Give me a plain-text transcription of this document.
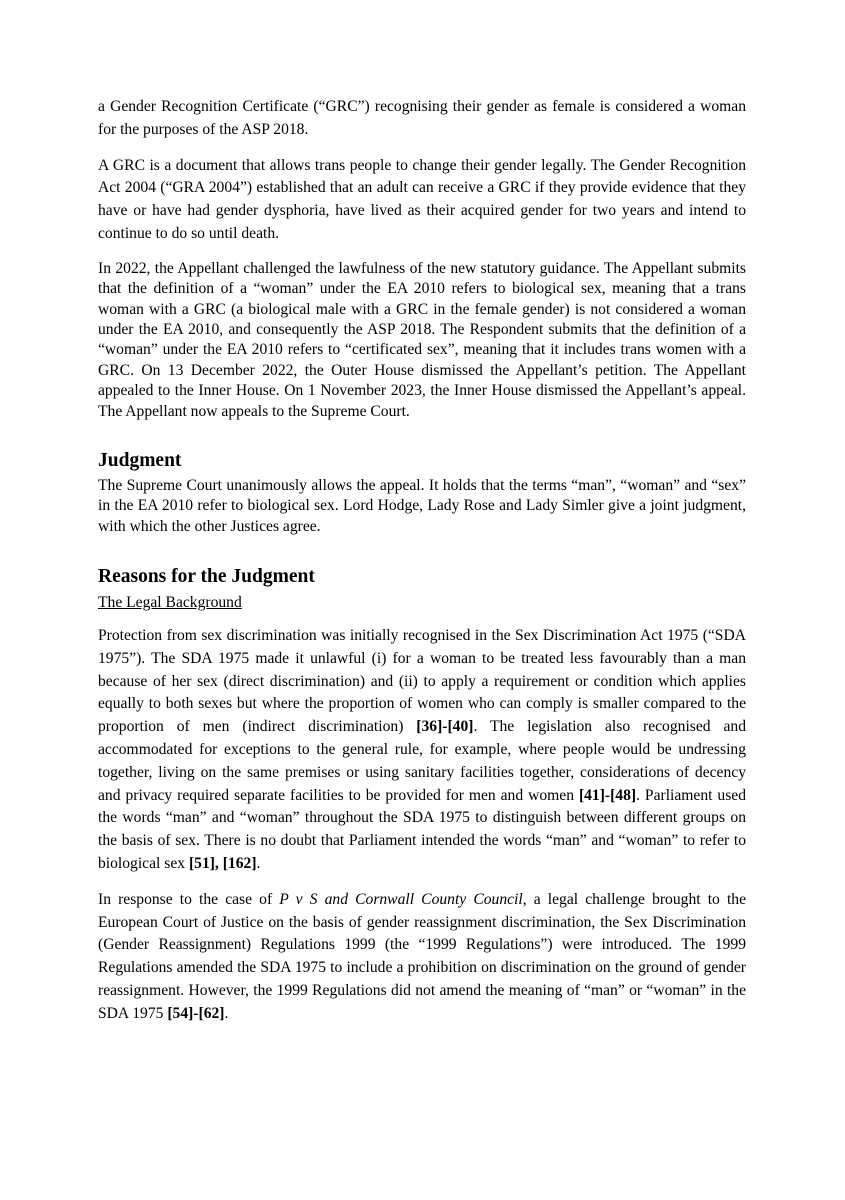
a Gender Recognition Certificate (“GRC”) recognising their gender as female is considered a woman for the purposes of the ASP 2018.

A GRC is a document that allows trans people to change their gender legally. The Gender Recognition Act 2004 (“GRA 2004”) established that an adult can receive a GRC if they provide evidence that they have or have had gender dysphoria, have lived as their acquired gender for two years and intend to continue to do so until death.

In 2022, the Appellant challenged the lawfulness of the new statutory guidance. The Appellant submits that the definition of a “woman” under the EA 2010 refers to biological sex, meaning that a trans woman with a GRC (a biological male with a GRC in the female gender) is not considered a woman under the EA 2010, and consequently the ASP 2018. The Respondent submits that the definition of a “woman” under the EA 2010 refers to “certificated sex”, meaning that it includes trans women with a GRC. On 13 December 2022, the Outer House dismissed the Appellant’s petition. The Appellant appealed to the Inner House. On 1 November 2023, the Inner House dismissed the Appellant’s appeal. The Appellant now appeals to the Supreme Court.

Judgment

The Supreme Court unanimously allows the appeal. It holds that the terms “man”, “woman” and “sex” in the EA 2010 refer to biological sex. Lord Hodge, Lady Rose and Lady Simler give a joint judgment, with which the other Justices agree.

Reasons for the Judgment

The Legal Background

Protection from sex discrimination was initially recognised in the Sex Discrimination Act 1975 (“SDA 1975”). The SDA 1975 made it unlawful (i) for a woman to be treated less favourably than a man because of her sex (direct discrimination) and (ii) to apply a requirement or condition which applies equally to both sexes but where the proportion of women who can comply is smaller compared to the proportion of men (indirect discrimination) [36]-[40]. The legislation also recognised and accommodated for exceptions to the general rule, for example, where people would be undressing together, living on the same premises or using sanitary facilities together, considerations of decency and privacy required separate facilities to be provided for men and women [41]-[48]. Parliament used the words “man” and “woman” throughout the SDA 1975 to distinguish between different groups on the basis of sex. There is no doubt that Parliament intended the words “man” and “woman” to refer to biological sex [51], [162].

In response to the case of P v S and Cornwall County Council, a legal challenge brought to the European Court of Justice on the basis of gender reassignment discrimination, the Sex Discrimination (Gender Reassignment) Regulations 1999 (the “1999 Regulations”) were introduced. The 1999 Regulations amended the SDA 1975 to include a prohibition on discrimination on the ground of gender reassignment. However, the 1999 Regulations did not amend the meaning of “man” or “woman” in the SDA 1975 [54]-[62].
